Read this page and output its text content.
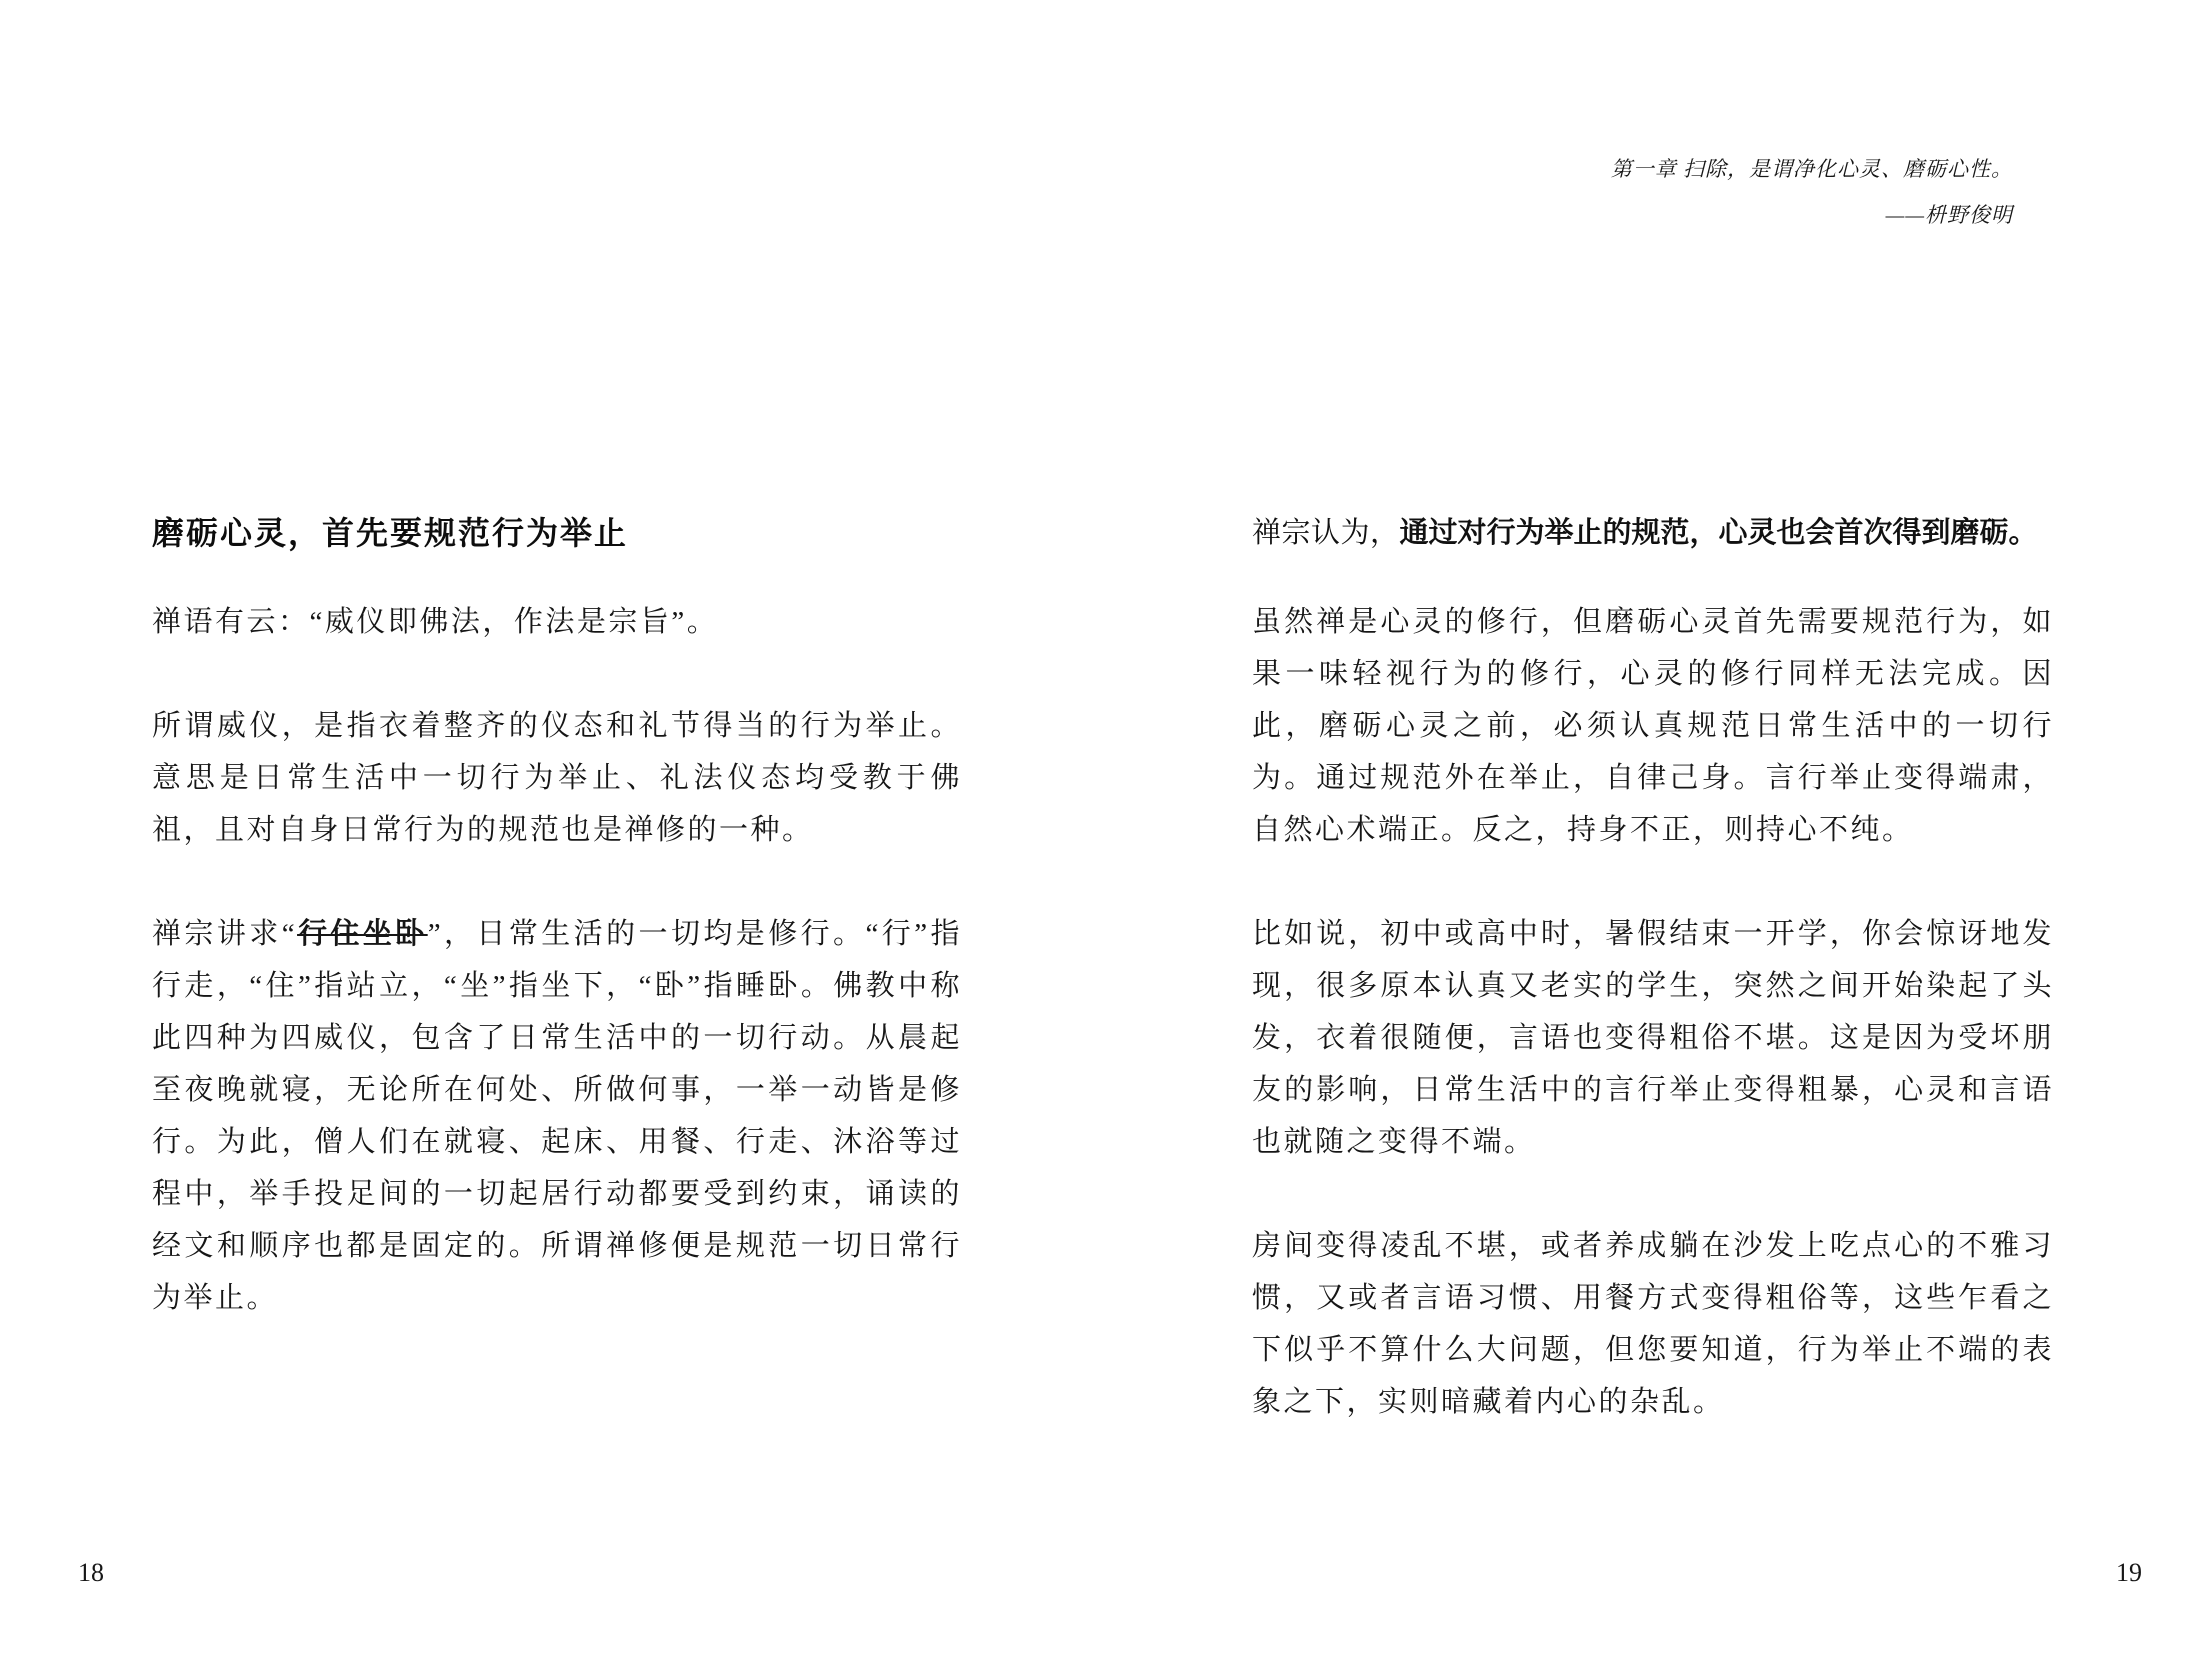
第一章 扫除，是谓净化心灵、磨砺心性。
——枡野俊明
磨砺心灵，首先要规范行为举止

禅语有云：“威仪即佛法，作法是宗旨”。

所谓威仪，是指衣着整齐的仪态和礼节得当的行为举止。意思是日常生活中一切行为举止、礼法仪态均受教于佛祖，且对自身日常行为的规范也是禅修的一种。

禅宗讲求“行住坐卧”，日常生活的一切均是修行。“行”指行走，“住”指站立，“坐”指坐下，“卧”指睡卧。佛教中称此四种为四威仪，包含了日常生活中的一切行动。从晨起至夜晚就寝，无论所在何处、所做何事，一举一动皆是修行。为此，僧人们在就寝、起床、用餐、行走、沐浴等过程中，举手投足间的一切起居行动都要受到约束，诵读的经文和顺序也都是固定的。所谓禅修便是规范一切日常行为举止。

禅宗认为，通过对行为举止的规范，心灵也会首次得到磨砺。

虽然禅是心灵的修行，但磨砺心灵首先需要规范行为，如果一味轻视行为的修行，心灵的修行同样无法完成。因此，磨砺心灵之前，必须认真规范日常生活中的一切行为。通过规范外在举止，自律己身。言行举止变得端肃，自然心术端正。反之，持身不正，则持心不纯。

比如说，初中或高中时，暑假结束一开学，你会惊讶地发现，很多原本认真又老实的学生，突然之间开始染起了头发，衣着很随便，言语也变得粗俗不堪。这是因为受坏朋友的影响，日常生活中的言行举止变得粗暴，心灵和言语也就随之变得不端。

房间变得凌乱不堪，或者养成躺在沙发上吃点心的不雅习惯，又或者言语习惯、用餐方式变得粗俗等，这些乍看之下似乎不算什么大问题，但您要知道，行为举止不端的表象之下，实则暗藏着内心的杂乱。

18	19
